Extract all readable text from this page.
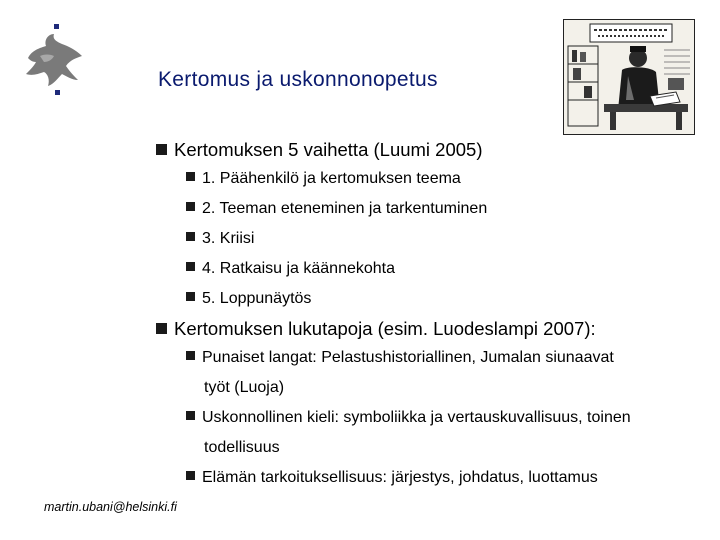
Kertomus ja uskonnonopetus
Kertomuksen 5 vaihetta (Luumi 2005)
1. Päähenkilö ja kertomuksen teema
2. Teeman eteneminen ja tarkentuminen
3. Kriisi
4. Ratkaisu ja käännekohta
5. Loppunäytös
Kertomuksen lukutapoja (esim. Luodeslampi 2007):
Punaiset langat: Pelastushistoriallinen, Jumalan siunaavat
työt (Luoja)
Uskonnollinen kieli: symboliikka ja vertauskuvallisuus, toinen
todellisuus
Elämän tarkoituksellisuus: järjestys, johdatus, luottamus
martin.ubani@helsinki.fi
